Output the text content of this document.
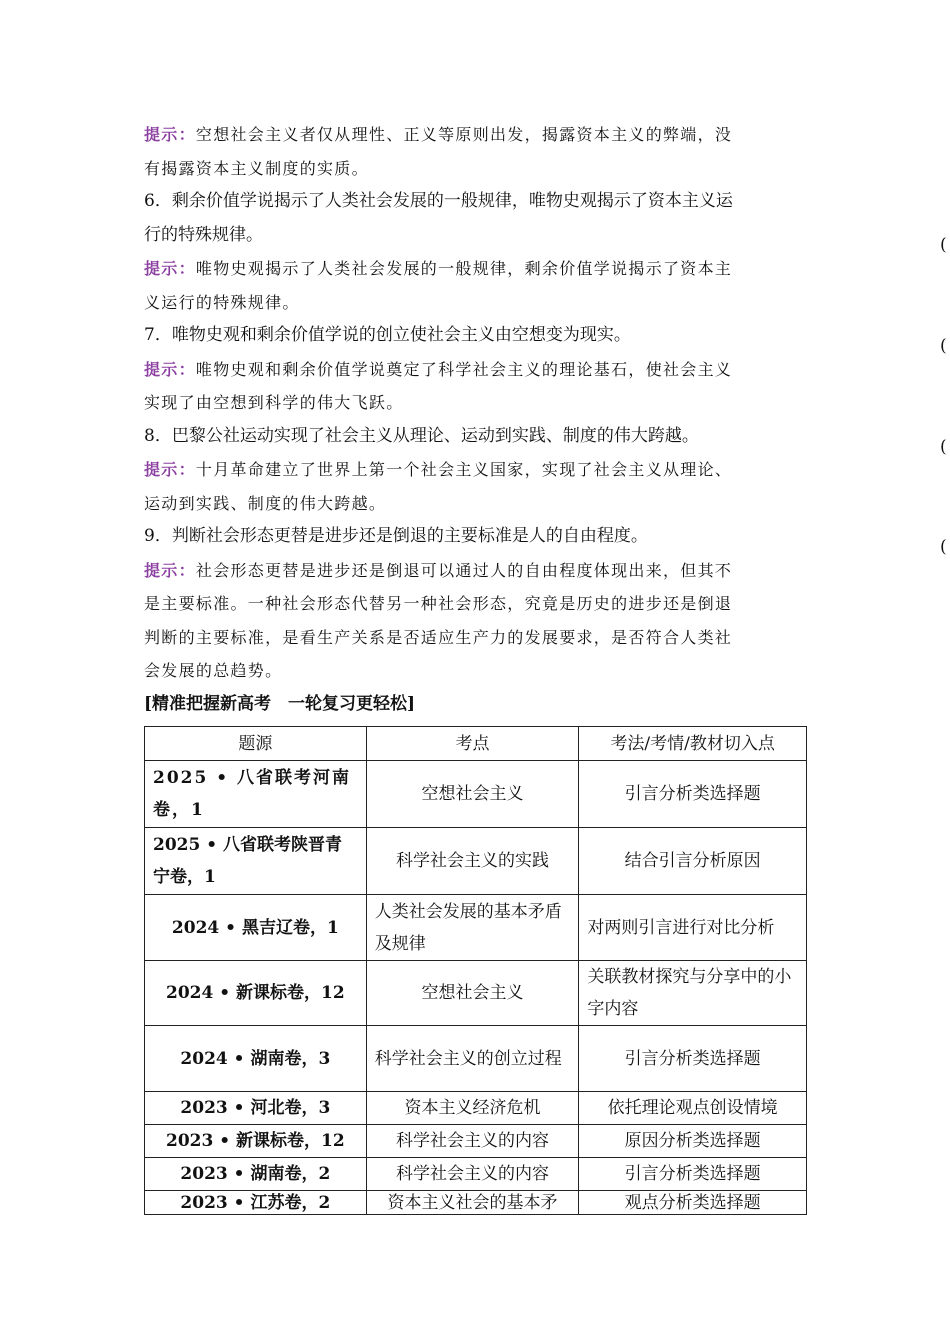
提示：空想社会主义者仅从理性、正义等原则出发，揭露资本主义的弊端，没
有揭露资本主义制度的实质。
6．剩余价值学说揭示了人类社会发展的一般规律，唯物史观揭示了资本主义运
行的特殊规律。
提示：唯物史观揭示了人类社会发展的一般规律，剩余价值学说揭示了资本主
义运行的特殊规律。
7．唯物史观和剩余价值学说的创立使社会主义由空想变为现实。
提示：唯物史观和剩余价值学说奠定了科学社会主义的理论基石，使社会主义
实现了由空想到科学的伟大飞跃。
8．巴黎公社运动实现了社会主义从理论、运动到实践、制度的伟大跨越。
提示：十月革命建立了世界上第一个社会主义国家，实现了社会主义从理论、
运动到实践、制度的伟大跨越。
9．判断社会形态更替是进步还是倒退的主要标准是人的自由程度。
提示：社会形态更替是进步还是倒退可以通过人的自由程度体现出来，但其不
是主要标准。一种社会形态代替另一种社会形态，究竟是历史的进步还是倒退
判断的主要标准，是看生产关系是否适应生产力的发展要求，是否符合人类社
会发展的总趋势。
[精准把握新高考　一轮复习更轻松]
(
(
(
(
题源	考点	考法/考情/教材切入点
2025 • 八省联考河南卷，1	空想社会主义	引言分析类选择题
2025 • 八省联考陕晋青宁卷，1	科学社会主义的实践	结合引言分析原因
2024 • 黑吉辽卷，1	人类社会发展的基本矛盾及规律	对两则引言进行对比分析
2024 • 新课标卷，12	空想社会主义	关联教材探究与分享中的小字内容
2024 • 湖南卷，3	科学社会主义的创立过程	引言分析类选择题
2023 • 河北卷，3	资本主义经济危机	依托理论观点创设情境
2023 • 新课标卷，12	科学社会主义的内容	原因分析类选择题
2023 • 湖南卷，2	科学社会主义的内容	引言分析类选择题
2023 • 江苏卷，2	资本主义社会的基本矛	观点分析类选择题
